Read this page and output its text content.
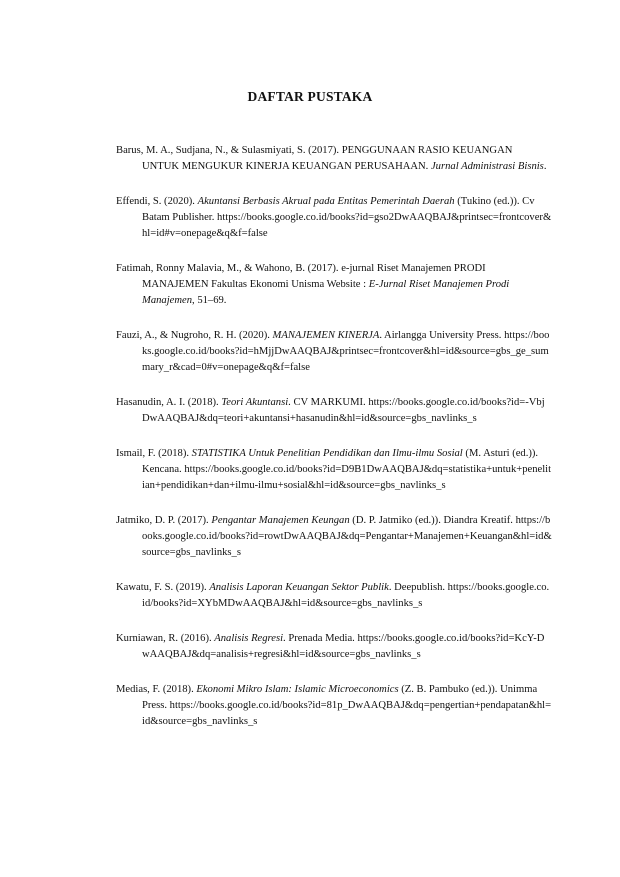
DAFTAR PUSTAKA

Barus, M. A., Sudjana, N., & Sulasmiyati, S. (2017). PENGGUNAAN RASIO KEUANGAN UNTUK MENGUKUR KINERJA KEUANGAN PERUSAHAAN. Jurnal Administrasi Bisnis.

Effendi, S. (2020). Akuntansi Berbasis Akrual pada Entitas Pemerintah Daerah (Tukino (ed.)). Cv Batam Publisher. https://books.google.co.id/books?id=gso2DwAAQBAJ&printsec=frontcover&hl=id#v=onepage&q&f=false

Fatimah, Ronny Malavia, M., & Wahono, B. (2017). e-jurnal Riset Manajemen PRODI MANAJEMEN Fakultas Ekonomi Unisma Website : E-Jurnal Riset Manajemen Prodi Manajemen, 51–69.

Fauzi, A., & Nugroho, R. H. (2020). MANAJEMEN KINERJA. Airlangga University Press. https://books.google.co.id/books?id=hMjjDwAAQBAJ&printsec=frontcover&hl=id&source=gbs_ge_summary_r&cad=0#v=onepage&q&f=false

Hasanudin, A. I. (2018). Teori Akuntansi. CV MARKUMI. https://books.google.co.id/books?id=-VbjDwAAQBAJ&dq=teori+akuntansi+hasanudin&hl=id&source=gbs_navlinks_s

Ismail, F. (2018). STATISTIKA Untuk Penelitian Pendidikan dan Ilmu-ilmu Sosial (M. Asturi (ed.)). Kencana. https://books.google.co.id/books?id=D9B1DwAAQBAJ&dq=statistika+untuk+penelitian+pendidikan+dan+ilmu-ilmu+sosial&hl=id&source=gbs_navlinks_s

Jatmiko, D. P. (2017). Pengantar Manajemen Keungan (D. P. Jatmiko (ed.)). Diandra Kreatif. https://books.google.co.id/books?id=rowtDwAAQBAJ&dq=Pengantar+Manajemen+Keuangan&hl=id&source=gbs_navlinks_s

Kawatu, F. S. (2019). Analisis Laporan Keuangan Sektor Publik. Deepublish. https://books.google.co.id/books?id=XYbMDwAAQBAJ&hl=id&source=gbs_navlinks_s

Kurniawan, R. (2016). Analisis Regresi. Prenada Media. https://books.google.co.id/books?id=KcY-DwAAQBAJ&dq=analisis+regresi&hl=id&source=gbs_navlinks_s

Medias, F. (2018). Ekonomi Mikro Islam: Islamic Microeconomics (Z. B. Pambuko (ed.)). Unimma Press. https://books.google.co.id/books?id=81p_DwAAQBAJ&dq=pengertian+pendapatan&hl=id&source=gbs_navlinks_s
